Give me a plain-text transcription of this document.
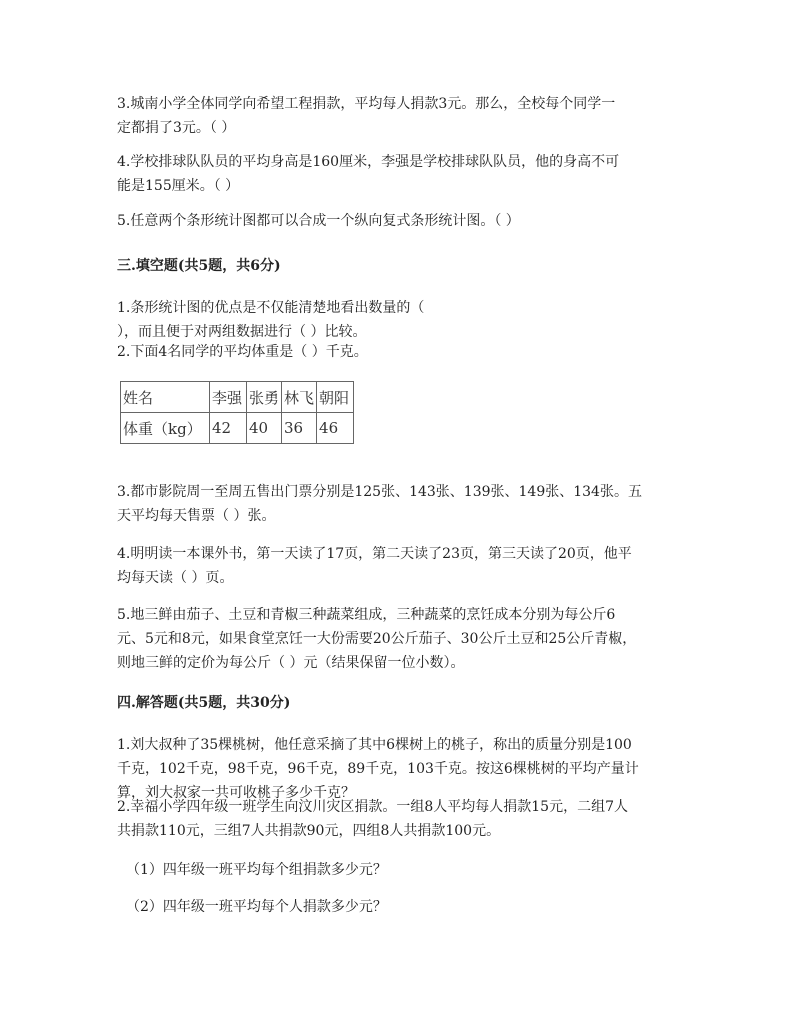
3.城南小学全体同学向希望工程捐款，平均每人捐款3元。那么，全校每个同学一
定都捐了3元。（ ）
4.学校排球队队员的平均身高是160厘米，李强是学校排球队队员，他的身高不可
能是155厘米。（ ）
5.任意两个条形统计图都可以合成一个纵向复式条形统计图。（ ）
三.填空题(共5题，共6分)
1.条形统计图的优点是不仅能清楚地看出数量的（
），而且便于对两组数据进行（ ）比较。
2.下面4名同学的平均体重是（ ）千克。
姓名	李强	张勇	林飞	朝阳
体重（kg）	42	40	36	46
3.都市影院周一至周五售出门票分别是125张、143张、139张、149张、134张。五
天平均每天售票（ ）张。
4.明明读一本课外书，第一天读了17页，第二天读了23页，第三天读了20页，他平
均每天读（ ）页。
5.地三鲜由茄子、土豆和青椒三种蔬菜组成，三种蔬菜的烹饪成本分别为每公斤6
元、5元和8元，如果食堂烹饪一大份需要20公斤茄子、30公斤土豆和25公斤青椒，
则地三鲜的定价为每公斤（ ）元（结果保留一位小数）。
四.解答题(共5题，共30分)
1.刘大叔种了35棵桃树，他任意采摘了其中6棵树上的桃子，称出的质量分别是100
千克，102千克，98千克，96千克，89千克，103千克。按这6棵桃树的平均产量计
算，刘大叔家一共可收桃子多少千克？
2.幸福小学四年级一班学生向汶川灾区捐款。一组8人平均每人捐款15元，二组7人
共捐款110元，三组7人共捐款90元，四组8人共捐款100元。
（1）四年级一班平均每个组捐款多少元？
（2）四年级一班平均每个人捐款多少元？
